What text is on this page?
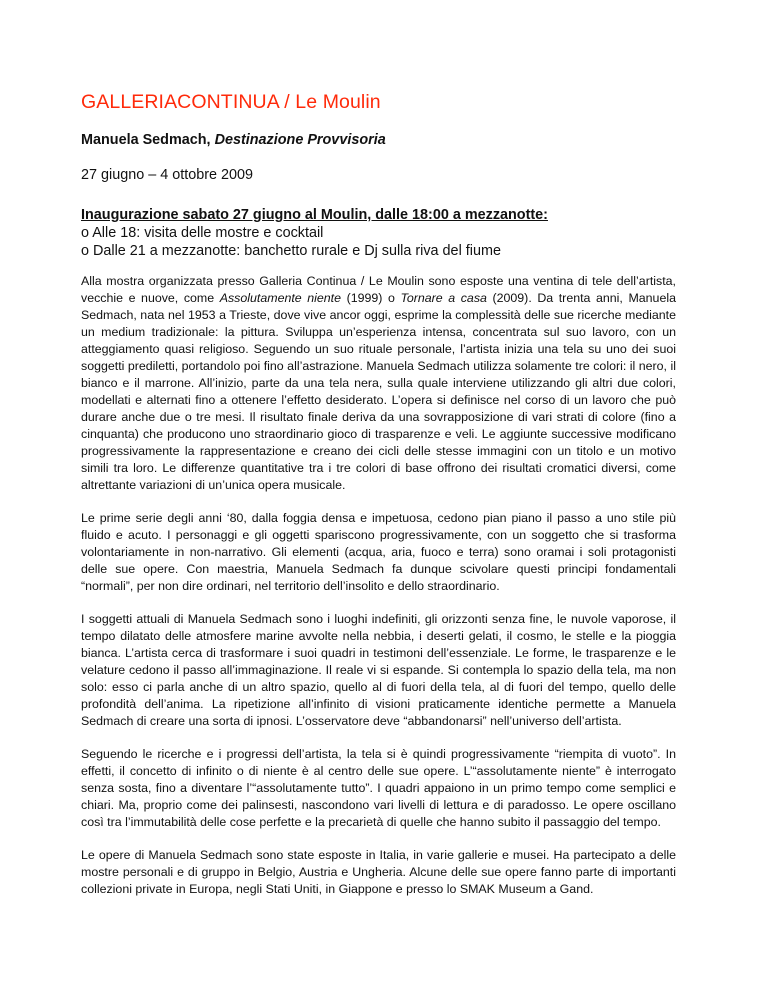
GALLERIACONTINUA / Le Moulin

Manuela Sedmach, Destinazione Provvisoria

27 giugno – 4 ottobre 2009

Inaugurazione sabato 27 giugno al Moulin, dalle 18:00 a mezzanotte:
o Alle 18: visita delle mostre e cocktail
o Dalle 21 a mezzanotte: banchetto rurale e Dj sulla riva del fiume

Alla mostra organizzata presso Galleria Continua / Le Moulin sono esposte una ventina di tele dell’artista, vecchie e nuove, come Assolutamente niente (1999) o Tornare a casa (2009). Da trenta anni, Manuela Sedmach, nata nel 1953 a Trieste, dove vive ancor oggi, esprime la complessità delle sue ricerche mediante un medium tradizionale: la pittura. Sviluppa un’esperienza intensa, concentrata sul suo lavoro, con un atteggiamento quasi religioso. Seguendo un suo rituale personale, l’artista inizia una tela su uno dei suoi soggetti prediletti, portandolo poi fino all’astrazione. Manuela Sedmach utilizza solamente tre colori: il nero, il bianco e il marrone. All’inizio, parte da una tela nera, sulla quale interviene utilizzando gli altri due colori, modellati e alternati fino a ottenere l’effetto desiderato. L’opera si definisce nel corso di un lavoro che può durare anche due o tre mesi. Il risultato finale deriva da una sovrapposizione di vari strati di colore (fino a cinquanta) che producono uno straordinario gioco di trasparenze e veli. Le aggiunte successive modificano progressivamente la rappresentazione e creano dei cicli delle stesse immagini con un titolo e un motivo simili tra loro. Le differenze quantitative tra i tre colori di base offrono dei risultati cromatici diversi, come altrettante variazioni di un’unica opera musicale.

Le prime serie degli anni ‘80, dalla foggia densa e impetuosa, cedono pian piano il passo a uno stile più fluido e acuto. I personaggi e gli oggetti spariscono progressivamente, con un soggetto che si trasforma volontariamente in non-narrativo. Gli elementi (acqua, aria, fuoco e terra) sono oramai i soli protagonisti delle sue opere. Con maestria, Manuela Sedmach fa dunque scivolare questi principi fondamentali “normali”, per non dire ordinari, nel territorio dell’insolito e dello straordinario.

I soggetti attuali di Manuela Sedmach sono i luoghi indefiniti, gli orizzonti senza fine, le nuvole vaporose, il tempo dilatato delle atmosfere marine avvolte nella nebbia, i deserti gelati, il cosmo, le stelle e la pioggia bianca. L’artista cerca di trasformare i suoi quadri in testimoni dell’essenziale. Le forme, le trasparenze e le velature cedono il passo all’immaginazione. Il reale vi si espande. Si contempla lo spazio della tela, ma non solo: esso ci parla anche di un altro spazio, quello al di fuori della tela, al di fuori del tempo, quello delle profondità dell’anima. La ripetizione all’infinito di visioni praticamente identiche permette a Manuela Sedmach di creare una sorta di ipnosi. L’osservatore deve “abbandonarsi” nell’universo dell’artista.

Seguendo le ricerche e i progressi dell’artista, la tela si è quindi progressivamente “riempita di vuoto”. In effetti, il concetto di infinito o di niente è al centro delle sue opere. L’“assolutamente niente” è interrogato senza sosta, fino a diventare l’“assolutamente tutto”. I quadri appaiono in un primo tempo come semplici e chiari. Ma, proprio come dei palinsesti, nascondono vari livelli di lettura e di paradosso. Le opere oscillano così tra l’immutabilità delle cose perfette e la precarietà di quelle che hanno subito il passaggio del tempo.

Le opere di Manuela Sedmach sono state esposte in Italia, in varie gallerie e musei. Ha partecipato a delle mostre personali e di gruppo in Belgio, Austria e Ungheria. Alcune delle sue opere fanno parte di importanti collezioni private in Europa, negli Stati Uniti, in Giappone e presso lo SMAK Museum a Gand.
